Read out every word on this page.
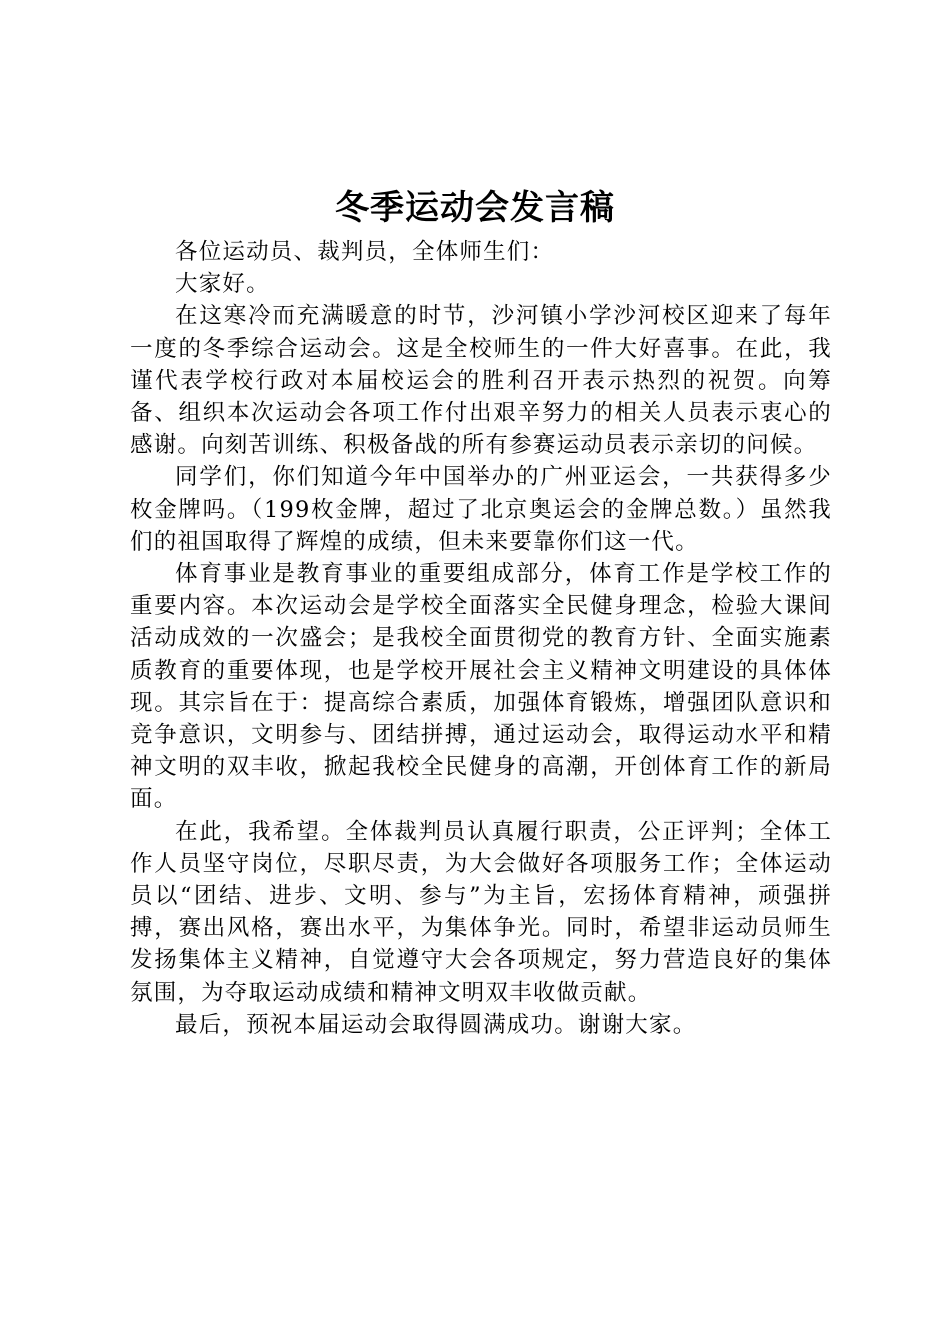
冬季运动会发言稿

各位运动员、裁判员，全体师生们：

大家好。

在这寒冷而充满暖意的时节，沙河镇小学沙河校区迎来了每年一度的冬季综合运动会。这是全校师生的一件大好喜事。在此，我谨代表学校行政对本届校运会的胜利召开表示热烈的祝贺。向筹备、组织本次运动会各项工作付出艰辛努力的相关人员表示衷心的感谢。向刻苦训练、积极备战的所有参赛运动员表示亲切的问候。

同学们，你们知道今年中国举办的广州亚运会，一共获得多少枚金牌吗。（199枚金牌，超过了北京奥运会的金牌总数。）虽然我们的祖国取得了辉煌的成绩，但未来要靠你们这一代。

体育事业是教育事业的重要组成部分，体育工作是学校工作的重要内容。本次运动会是学校全面落实全民健身理念，检验大课间活动成效的一次盛会；是我校全面贯彻党的教育方针、全面实施素质教育的重要体现，也是学校开展社会主义精神文明建设的具体体现。其宗旨在于：提高综合素质，加强体育锻炼，增强团队意识和竞争意识，文明参与、团结拼搏，通过运动会，取得运动水平和精神文明的双丰收，掀起我校全民健身的高潮，开创体育工作的新局面。

在此，我希望。全体裁判员认真履行职责，公正评判；全体工作人员坚守岗位，尽职尽责，为大会做好各项服务工作；全体运动员以“团结、进步、文明、参与”为主旨，宏扬体育精神，顽强拼搏，赛出风格，赛出水平，为集体争光。同时，希望非运动员师生发扬集体主义精神，自觉遵守大会各项规定，努力营造良好的集体氛围，为夺取运动成绩和精神文明双丰收做贡献。

最后，预祝本届运动会取得圆满成功。谢谢大家。
